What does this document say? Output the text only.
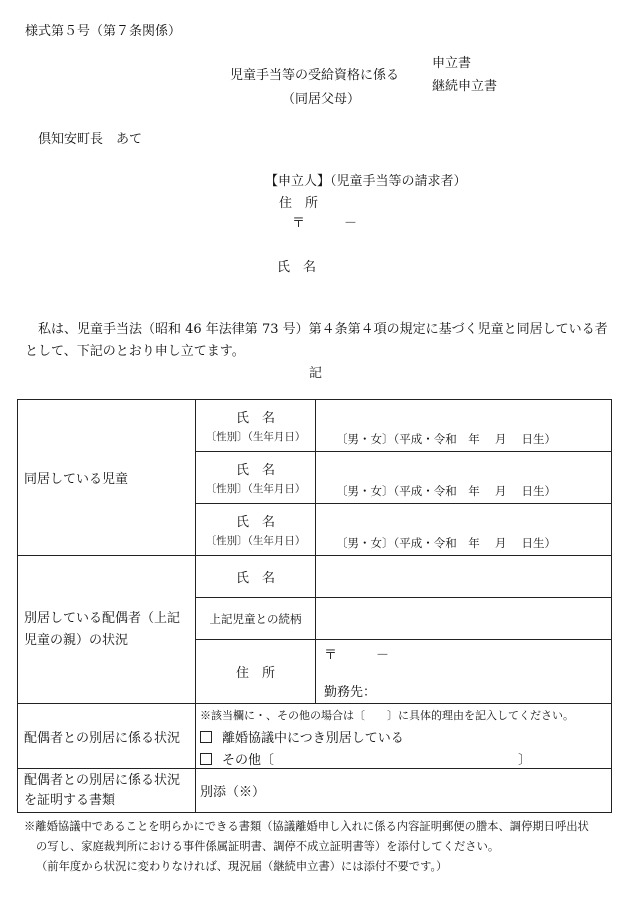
様式第５号（第７条関係）
児童手当等の受給資格に係る
（同居父母）
申立書
継続申立書
倶知安町長　あて
【申立人】（児童手当等の請求者）
住　所
〒　　　－
氏　名
私は、児童手当法（昭和 46 年法律第 73 号）第４条第４項の規定に基づく児童と同居している者
として、下記のとおり申し立てます。
記
同居している児童	氏　名
〔性別〕（生年月日）	〔男・女〕（平成・令和　年　 月　 日生）

	氏　名
〔性別〕（生年月日）	〔男・女〕（平成・令和　年　 月　 日生）

	氏　名
〔性別〕（生年月日）	〔男・女〕（平成・令和　年　 月　 日生）

別居している配偶者（上記児童の親）の状況	氏　名	
	上記児童との続柄	
	住　所	〒　　　－
勤務先：

配偶者との別居に係る状況	※該当欄に・、その他の場合は〔　　〕に具体的理由を記入してください。
離婚協議中につき別居している
その他〔 〕	

配偶者との別居に係る状況
を証明する書類	別添（※）	
※離婚協議中であることを明らかにできる書類（協議離婚申し入れに係る内容証明郵便の謄本、調停期日呼出状
の写し、家庭裁判所における事件係属証明書、調停不成立証明書等）を添付してください。
（前年度から状況に変わりなければ、現況届（継続申立書）には添付不要です。）
